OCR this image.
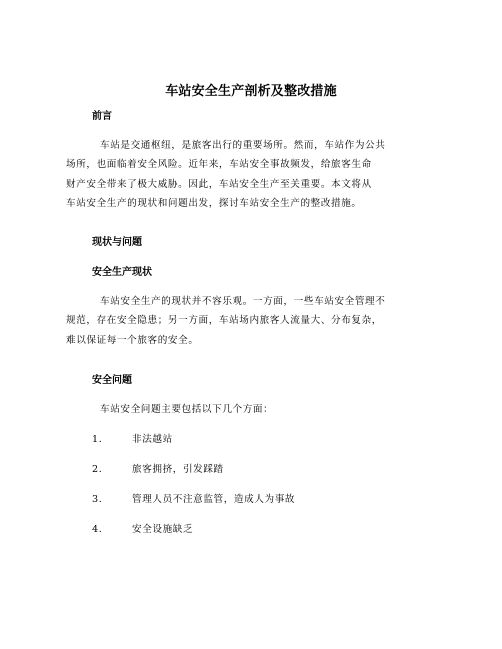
车站安全生产剖析及整改措施
前言
车站是交通枢纽，是旅客出行的重要场所。然而，车站作为公共
场所，也面临着安全风险。近年来，车站安全事故频发，给旅客生命
财产安全带来了极大威胁。因此，车站安全生产至关重要。本文将从
车站安全生产的现状和问题出发，探讨车站安全生产的整改措施。
现状与问题
安全生产现状
车站安全生产的现状并不容乐观。一方面，一些车站安全管理不
规范，存在安全隐患；另一方面，车站场内旅客人流量大、分布复杂，
难以保证每一个旅客的安全。
安全问题
车站安全问题主要包括以下几个方面：
1.	非法越站
2.	旅客拥挤，引发踩踏
3.	管理人员不注意监管，造成人为事故
4.	安全设施缺乏
